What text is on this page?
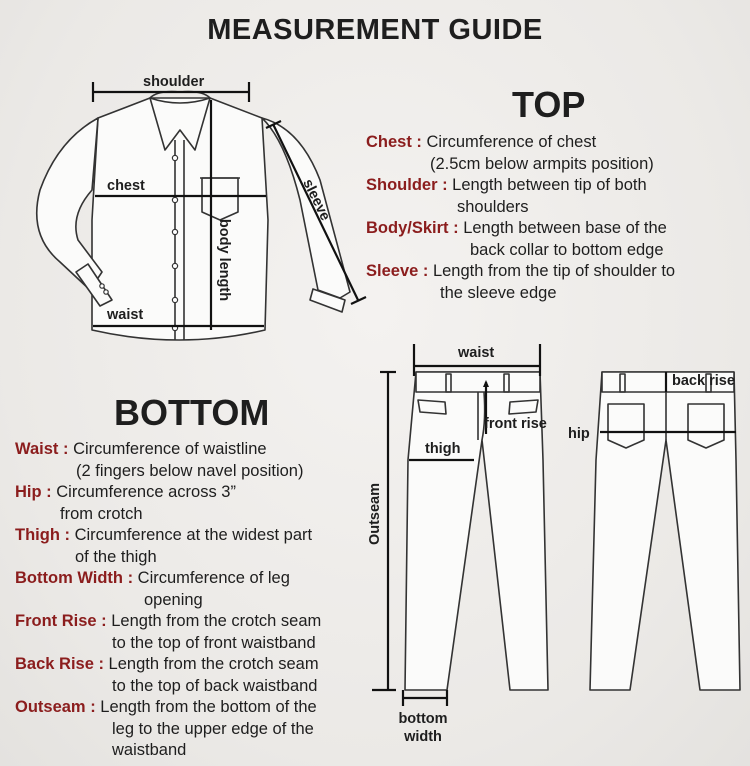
MEASUREMENT GUIDE
shoulder
chest
waist
sleeve
body length
waist
front rise
thigh
Outseam
bottom
width
back rise
hip
TOP
Chest : Circumference of chest
(2.5cm below armpits position)
Shoulder : Length between tip of both
shoulders
Body/Skirt : Length between base of the
back collar to bottom edge
Sleeve : Length from the tip of shoulder to
the sleeve edge
BOTTOM
Waist : Circumference of waistline
(2 fingers below navel position)
Hip : Circumference across 3”
from crotch
Thigh : Circumference at the widest part
of the thigh
Bottom Width : Circumference of leg
opening
Front Rise : Length from the crotch seam
to the top of front waistband
Back Rise : Length from the crotch seam
to the top of back waistband
Outseam : Length from the bottom of the
leg to the upper edge of the
waistband
